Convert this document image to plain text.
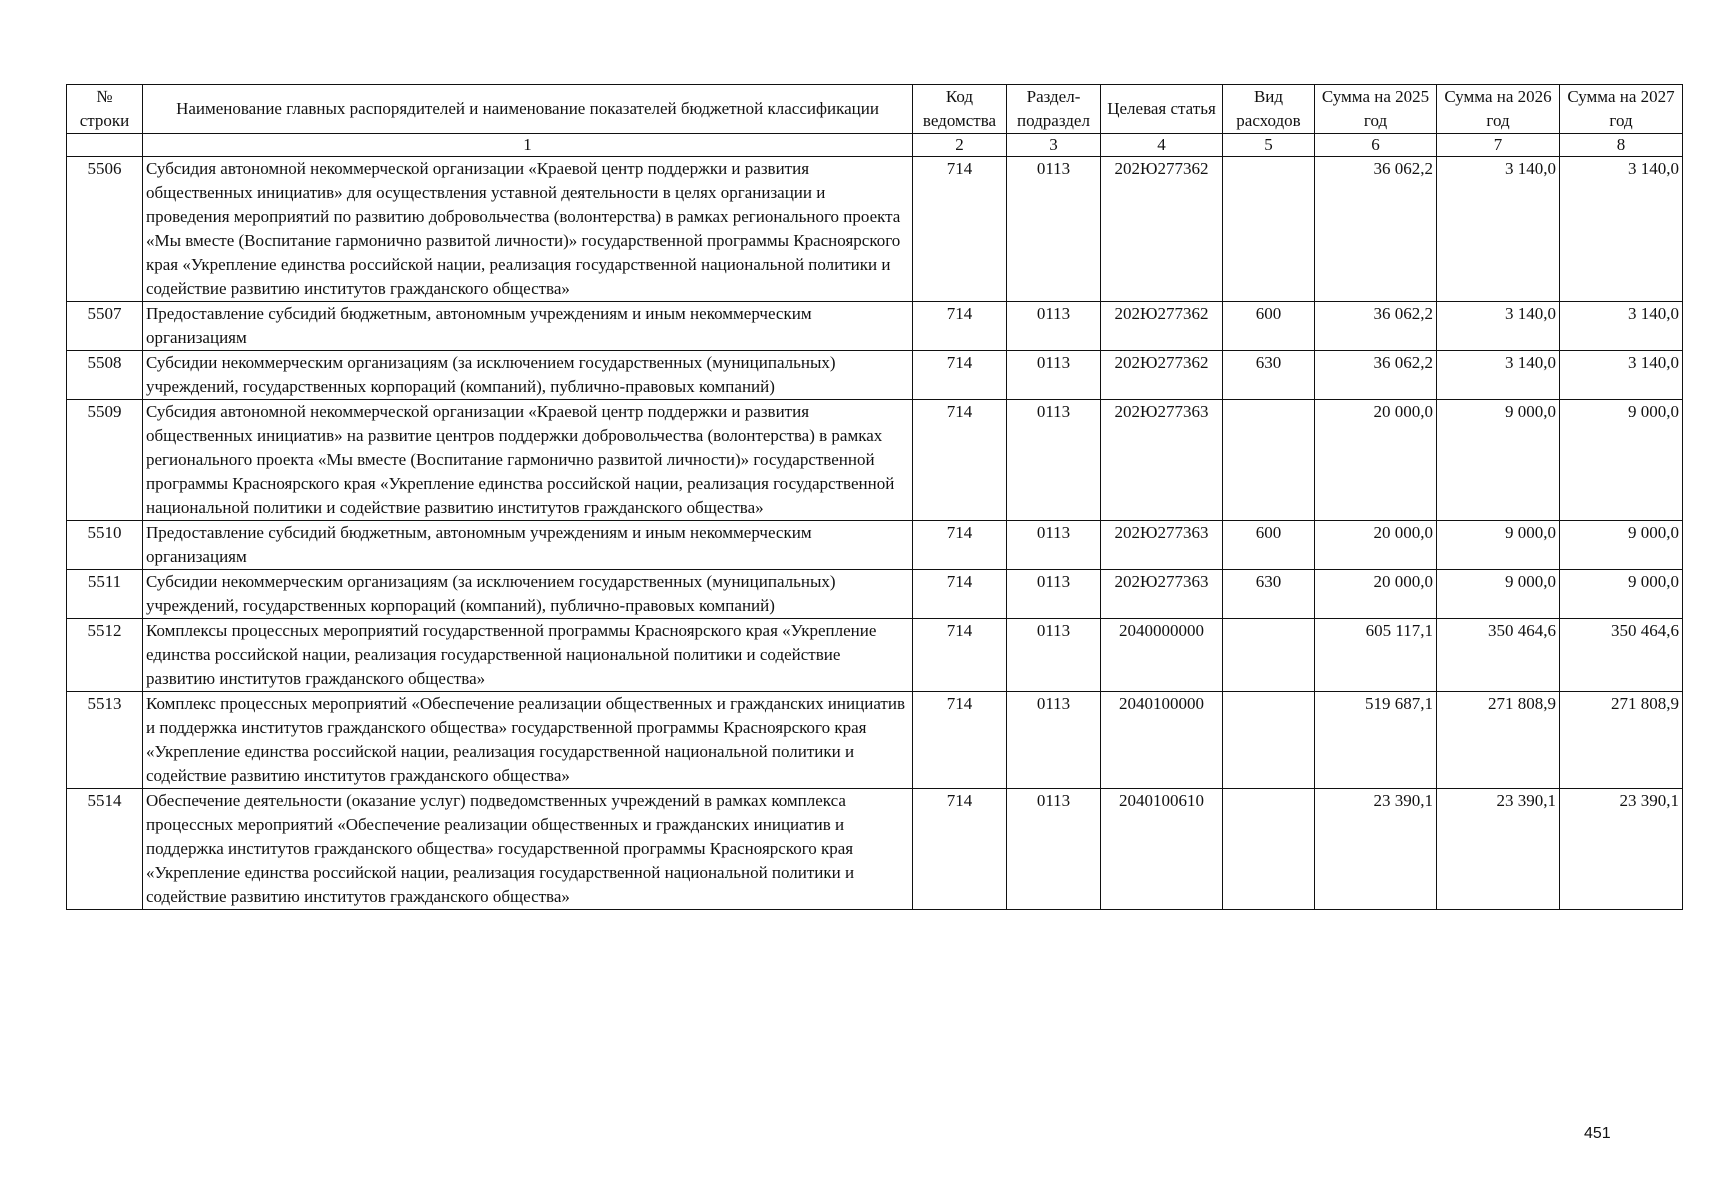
№ строки	Наименование главных распорядителей и наименование показателей бюджетной классификации	Код ведомства	Раздел-подраздел	Целевая статья	Вид расходов	Сумма на 2025 год	Сумма на 2026 год	Сумма на 2027 год
	1	2	3	4	5	6	7	8
5506	Субсидия автономной некоммерческой организации «Краевой центр поддержки и развития общественных инициатив» для осуществления уставной деятельности в целях организации и проведения мероприятий по развитию добровольчества (волонтерства) в рамках регионального проекта «Мы вместе (Воспитание гармонично развитой личности)» государственной программы Красноярского края «Укрепление единства российской нации, реализация государственной национальной политики и содействие развитию институтов гражданского общества»	714	0113	202Ю277362		36 062,2	3 140,0	3 140,0
5507	Предоставление субсидий бюджетным, автономным учреждениям и иным некоммерческим организациям	714	0113	202Ю277362	600	36 062,2	3 140,0	3 140,0
5508	Субсидии некоммерческим организациям (за исключением государственных (муниципальных) учреждений, государственных корпораций (компаний), публично-правовых компаний)	714	0113	202Ю277362	630	36 062,2	3 140,0	3 140,0
5509	Субсидия автономной некоммерческой организации «Краевой центр поддержки и развития общественных инициатив» на развитие центров поддержки добровольчества (волонтерства) в рамках регионального проекта «Мы вместе (Воспитание гармонично развитой личности)» государственной программы Красноярского края «Укрепление единства российской нации, реализация государственной национальной политики и содействие развитию институтов гражданского общества»	714	0113	202Ю277363		20 000,0	9 000,0	9 000,0
5510	Предоставление субсидий бюджетным, автономным учреждениям и иным некоммерческим организациям	714	0113	202Ю277363	600	20 000,0	9 000,0	9 000,0
5511	Субсидии некоммерческим организациям (за исключением государственных (муниципальных) учреждений, государственных корпораций (компаний), публично-правовых компаний)	714	0113	202Ю277363	630	20 000,0	9 000,0	9 000,0
5512	Комплексы процессных мероприятий государственной программы Красноярского края «Укрепление единства российской нации, реализация государственной национальной политики и содействие развитию институтов гражданского общества»	714	0113	2040000000		605 117,1	350 464,6	350 464,6
5513	Комплекс процессных мероприятий «Обеспечение реализации общественных и гражданских инициатив и поддержка институтов гражданского общества» государственной программы Красноярского края «Укрепление единства российской нации, реализация государственной национальной политики и содействие развитию институтов гражданского общества»	714	0113	2040100000		519 687,1	271 808,9	271 808,9
5514	Обеспечение деятельности (оказание услуг) подведомственных учреждений в рамках комплекса процессных мероприятий «Обеспечение реализации общественных и гражданских инициатив и поддержка институтов гражданского общества» государственной программы Красноярского края «Укрепление единства российской нации, реализация государственной национальной политики и содействие развитию институтов гражданского общества»	714	0113	2040100610		23 390,1	23 390,1	23 390,1
451
